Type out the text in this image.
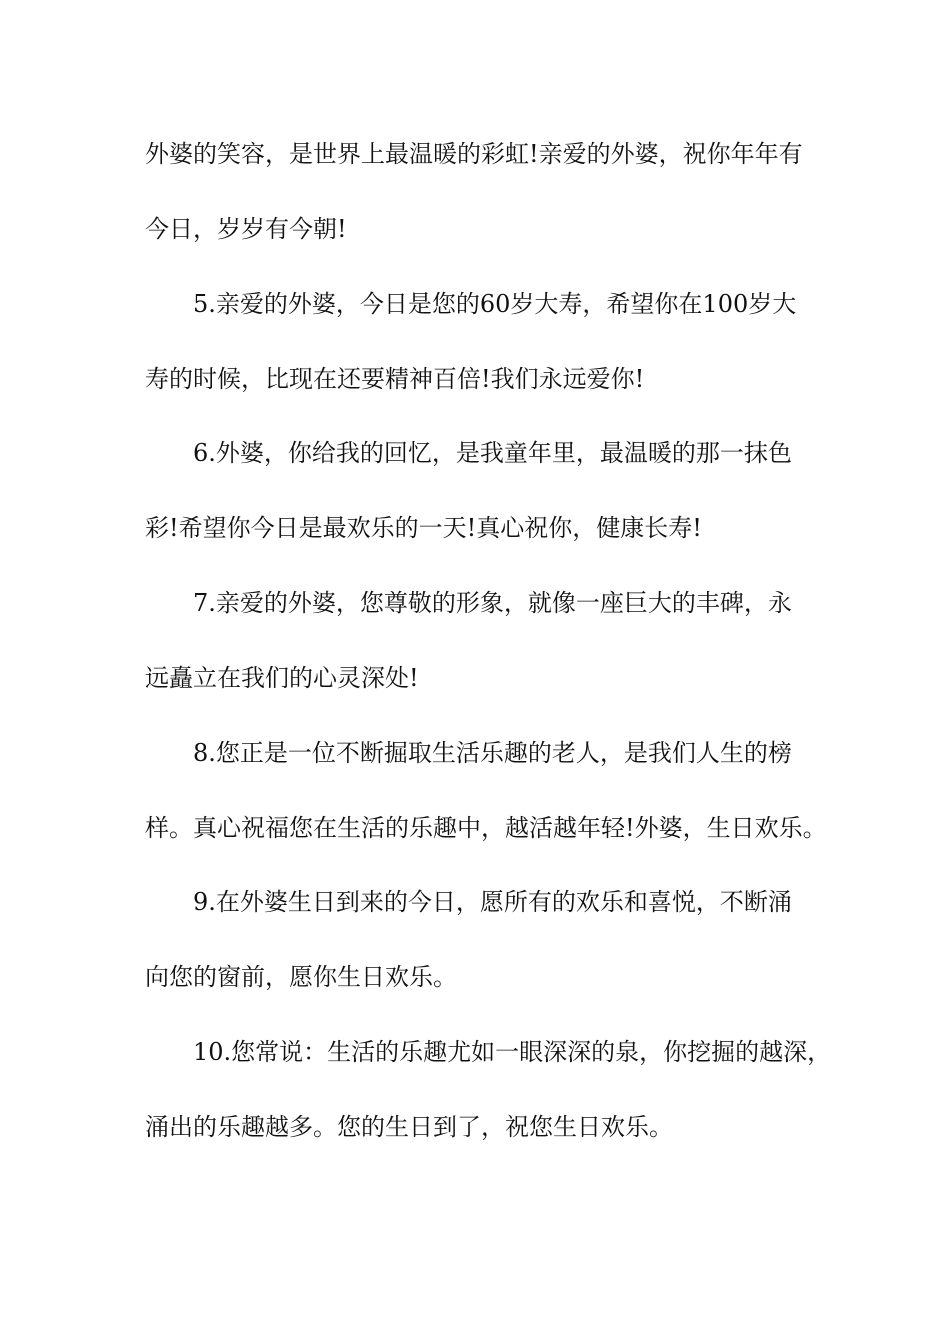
外婆的笑容，是世界上最温暖的彩虹!亲爱的外婆，祝你年年有
今日，岁岁有今朝!
5.亲爱的外婆，今日是您的60岁大寿，希望你在100岁大
寿的时候，比现在还要精神百倍!我们永远爱你!
6.外婆，你给我的回忆，是我童年里，最温暖的那一抹色
彩!希望你今日是最欢乐的一天!真心祝你，健康长寿!
7.亲爱的外婆，您尊敬的形象，就像一座巨大的丰碑，永
远矗立在我们的心灵深处!
8.您正是一位不断掘取生活乐趣的老人，是我们人生的榜
样。真心祝福您在生活的乐趣中，越活越年轻!外婆，生日欢乐。
9.在外婆生日到来的今日，愿所有的欢乐和喜悦，不断涌
向您的窗前，愿你生日欢乐。
10.您常说：生活的乐趣尤如一眼深深的泉，你挖掘的越深，
涌出的乐趣越多。您的生日到了，祝您生日欢乐。
